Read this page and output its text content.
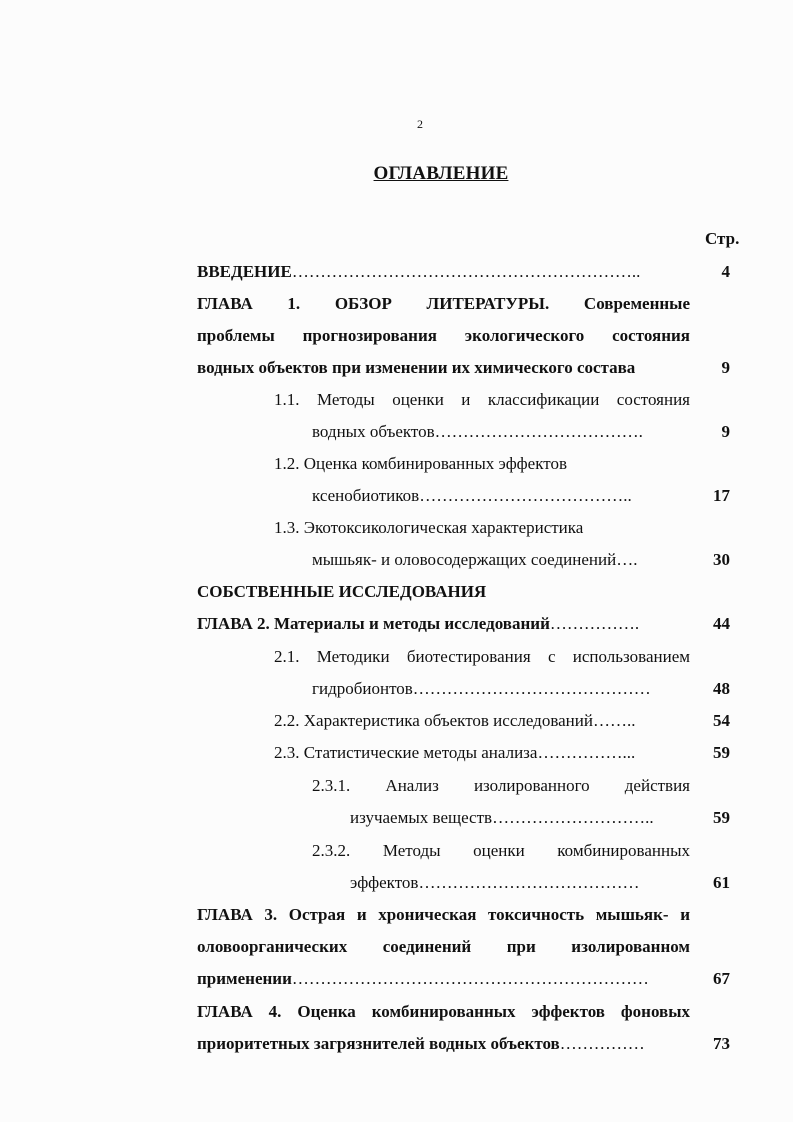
2
ОГЛАВЛЕНИЕ
Стр.
ВВЕДЕНИЕ……………………………………………………..	4
ГЛАВА 1. ОБЗОР ЛИТЕРАТУРЫ. Современные
проблемы прогнозирования экологического состояния
водных объектов при изменении их химического состава	9
1.1. Методы оценки и классификации состояния
водных объектов……………………………….	9
1.2. Оценка комбинированных эффектов
ксенобиотиков………………………………..	17
1.3. Экотоксикологическая характеристика
мышьяк- и оловосодержащих соединений….	30
СОБСТВЕННЫЕ ИССЛЕДОВАНИЯ
ГЛАВА 2. Материалы и методы исследований…………….	44
2.1. Методики биотестирования с использованием
гидробионтов……………………………………	48
2.2. Характеристика объектов исследований……..	54
2.3. Статистические методы анализа……………...	59
2.3.1. Анализ изолированного действия
изучаемых веществ………………………..	59
2.3.2. Методы оценки комбинированных
эффектов…………………………………	61
ГЛАВА 3. Острая и хроническая токсичность мышьяк- и
оловоорганических соединений при изолированном
применении………………………………………………………	67
ГЛАВА 4. Оценка комбинированных эффектов фоновых
приоритетных загрязнителей водных объектов……………	73
